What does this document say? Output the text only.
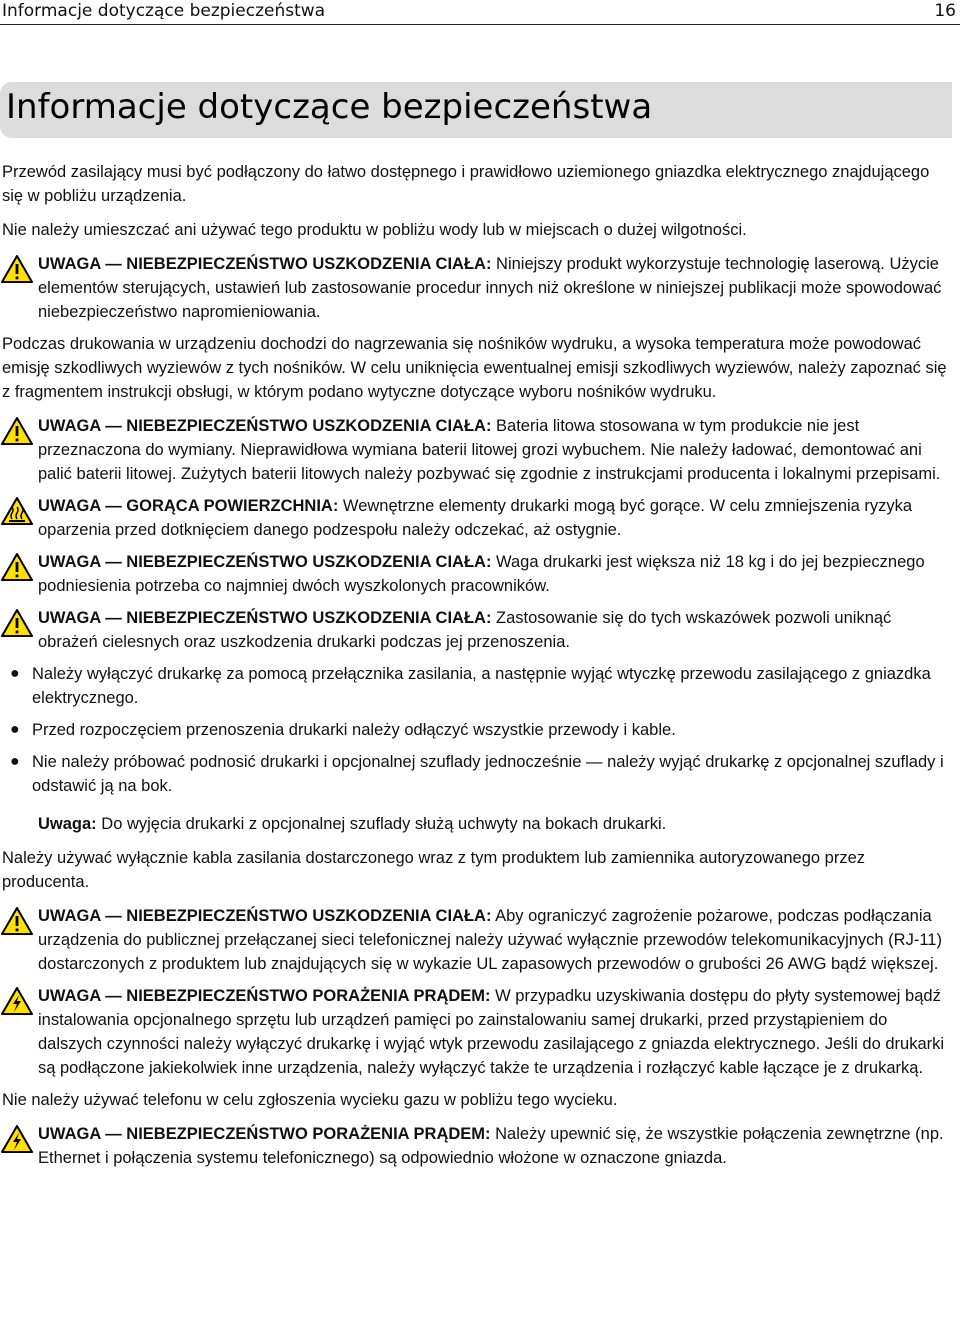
Informacje dotyczące bezpieczeństwa	16
Informacje dotyczące bezpieczeństwa

Przewód zasilający musi być podłączony do łatwo dostępnego i prawidłowo uziemionego gniazdka elektrycznego znajdującego się w pobliżu urządzenia.

Nie należy umieszczać ani używać tego produktu w pobliżu wody lub w miejscach o dużej wilgotności.

UWAGA — NIEBEZPIECZEŃSTWO USZKODZENIA CIAŁA: Niniejszy produkt wykorzystuje technologię laserową. Użycie elementów sterujących, ustawień lub zastosowanie procedur innych niż określone w niniejszej publikacji może spowodować niebezpieczeństwo napromieniowania.

Podczas drukowania w urządzeniu dochodzi do nagrzewania się nośników wydruku, a wysoka temperatura może powodować emisję szkodliwych wyziewów z tych nośników. W celu uniknięcia ewentualnej emisji szkodliwych wyziewów, należy zapoznać się z fragmentem instrukcji obsługi, w którym podano wytyczne dotyczące wyboru nośników wydruku.

UWAGA — NIEBEZPIECZEŃSTWO USZKODZENIA CIAŁA: Bateria litowa stosowana w tym produkcie nie jest przeznaczona do wymiany. Nieprawidłowa wymiana baterii litowej grozi wybuchem. Nie należy ładować, demontować ani palić baterii litowej. Zużytych baterii litowych należy pozbywać się zgodnie z instrukcjami producenta i lokalnymi przepisami.
UWAGA — GORĄCA POWIERZCHNIA: Wewnętrzne elementy drukarki mogą być gorące. W celu zmniejszenia ryzyka oparzenia przed dotknięciem danego podzespołu należy odczekać, aż ostygnie.
UWAGA — NIEBEZPIECZEŃSTWO USZKODZENIA CIAŁA: Waga drukarki jest większa niż 18 kg i do jej bezpiecznego podniesienia potrzeba co najmniej dwóch wyszkolonych pracowników.
UWAGA — NIEBEZPIECZEŃSTWO USZKODZENIA CIAŁA: Zastosowanie się do tych wskazówek pozwoli uniknąć obrażeń cielesnych oraz uszkodzenia drukarki podczas jej przenoszenia.
● Należy wyłączyć drukarkę za pomocą przełącznika zasilania, a następnie wyjąć wtyczkę przewodu zasilającego z gniazdka elektrycznego.
● Przed rozpoczęciem przenoszenia drukarki należy odłączyć wszystkie przewody i kable.
● Nie należy próbować podnosić drukarki i opcjonalnej szuflady jednocześnie — należy wyjąć drukarkę z opcjonalnej szuflady i odstawić ją na bok.
Uwaga: Do wyjęcia drukarki z opcjonalnej szuflady służą uchwyty na bokach drukarki.

Należy używać wyłącznie kabla zasilania dostarczonego wraz z tym produktem lub zamiennika autoryzowanego przez producenta.

UWAGA — NIEBEZPIECZEŃSTWO USZKODZENIA CIAŁA: Aby ograniczyć zagrożenie pożarowe, podczas podłączania urządzenia do publicznej przełączanej sieci telefonicznej należy używać wyłącznie przewodów telekomunikacyjnych (RJ-11) dostarczonych z produktem lub znajdujących się w wykazie UL zapasowych przewodów o grubości 26 AWG bądź większej.
UWAGA — NIEBEZPIECZEŃSTWO PORAŻENIA PRĄDEM: W przypadku uzyskiwania dostępu do płyty systemowej bądź instalowania opcjonalnego sprzętu lub urządzeń pamięci po zainstalowaniu samej drukarki, przed przystąpieniem do dalszych czynności należy wyłączyć drukarkę i wyjąć wtyk przewodu zasilającego z gniazda elektrycznego. Jeśli do drukarki są podłączone jakiekolwiek inne urządzenia, należy wyłączyć także te urządzenia i rozłączyć kable łączące je z drukarką.

Nie należy używać telefonu w celu zgłoszenia wycieku gazu w pobliżu tego wycieku.

UWAGA — NIEBEZPIECZEŃSTWO PORAŻENIA PRĄDEM: Należy upewnić się, że wszystkie połączenia zewnętrzne (np. Ethernet i połączenia systemu telefonicznego) są odpowiednio włożone w oznaczone gniazda.
